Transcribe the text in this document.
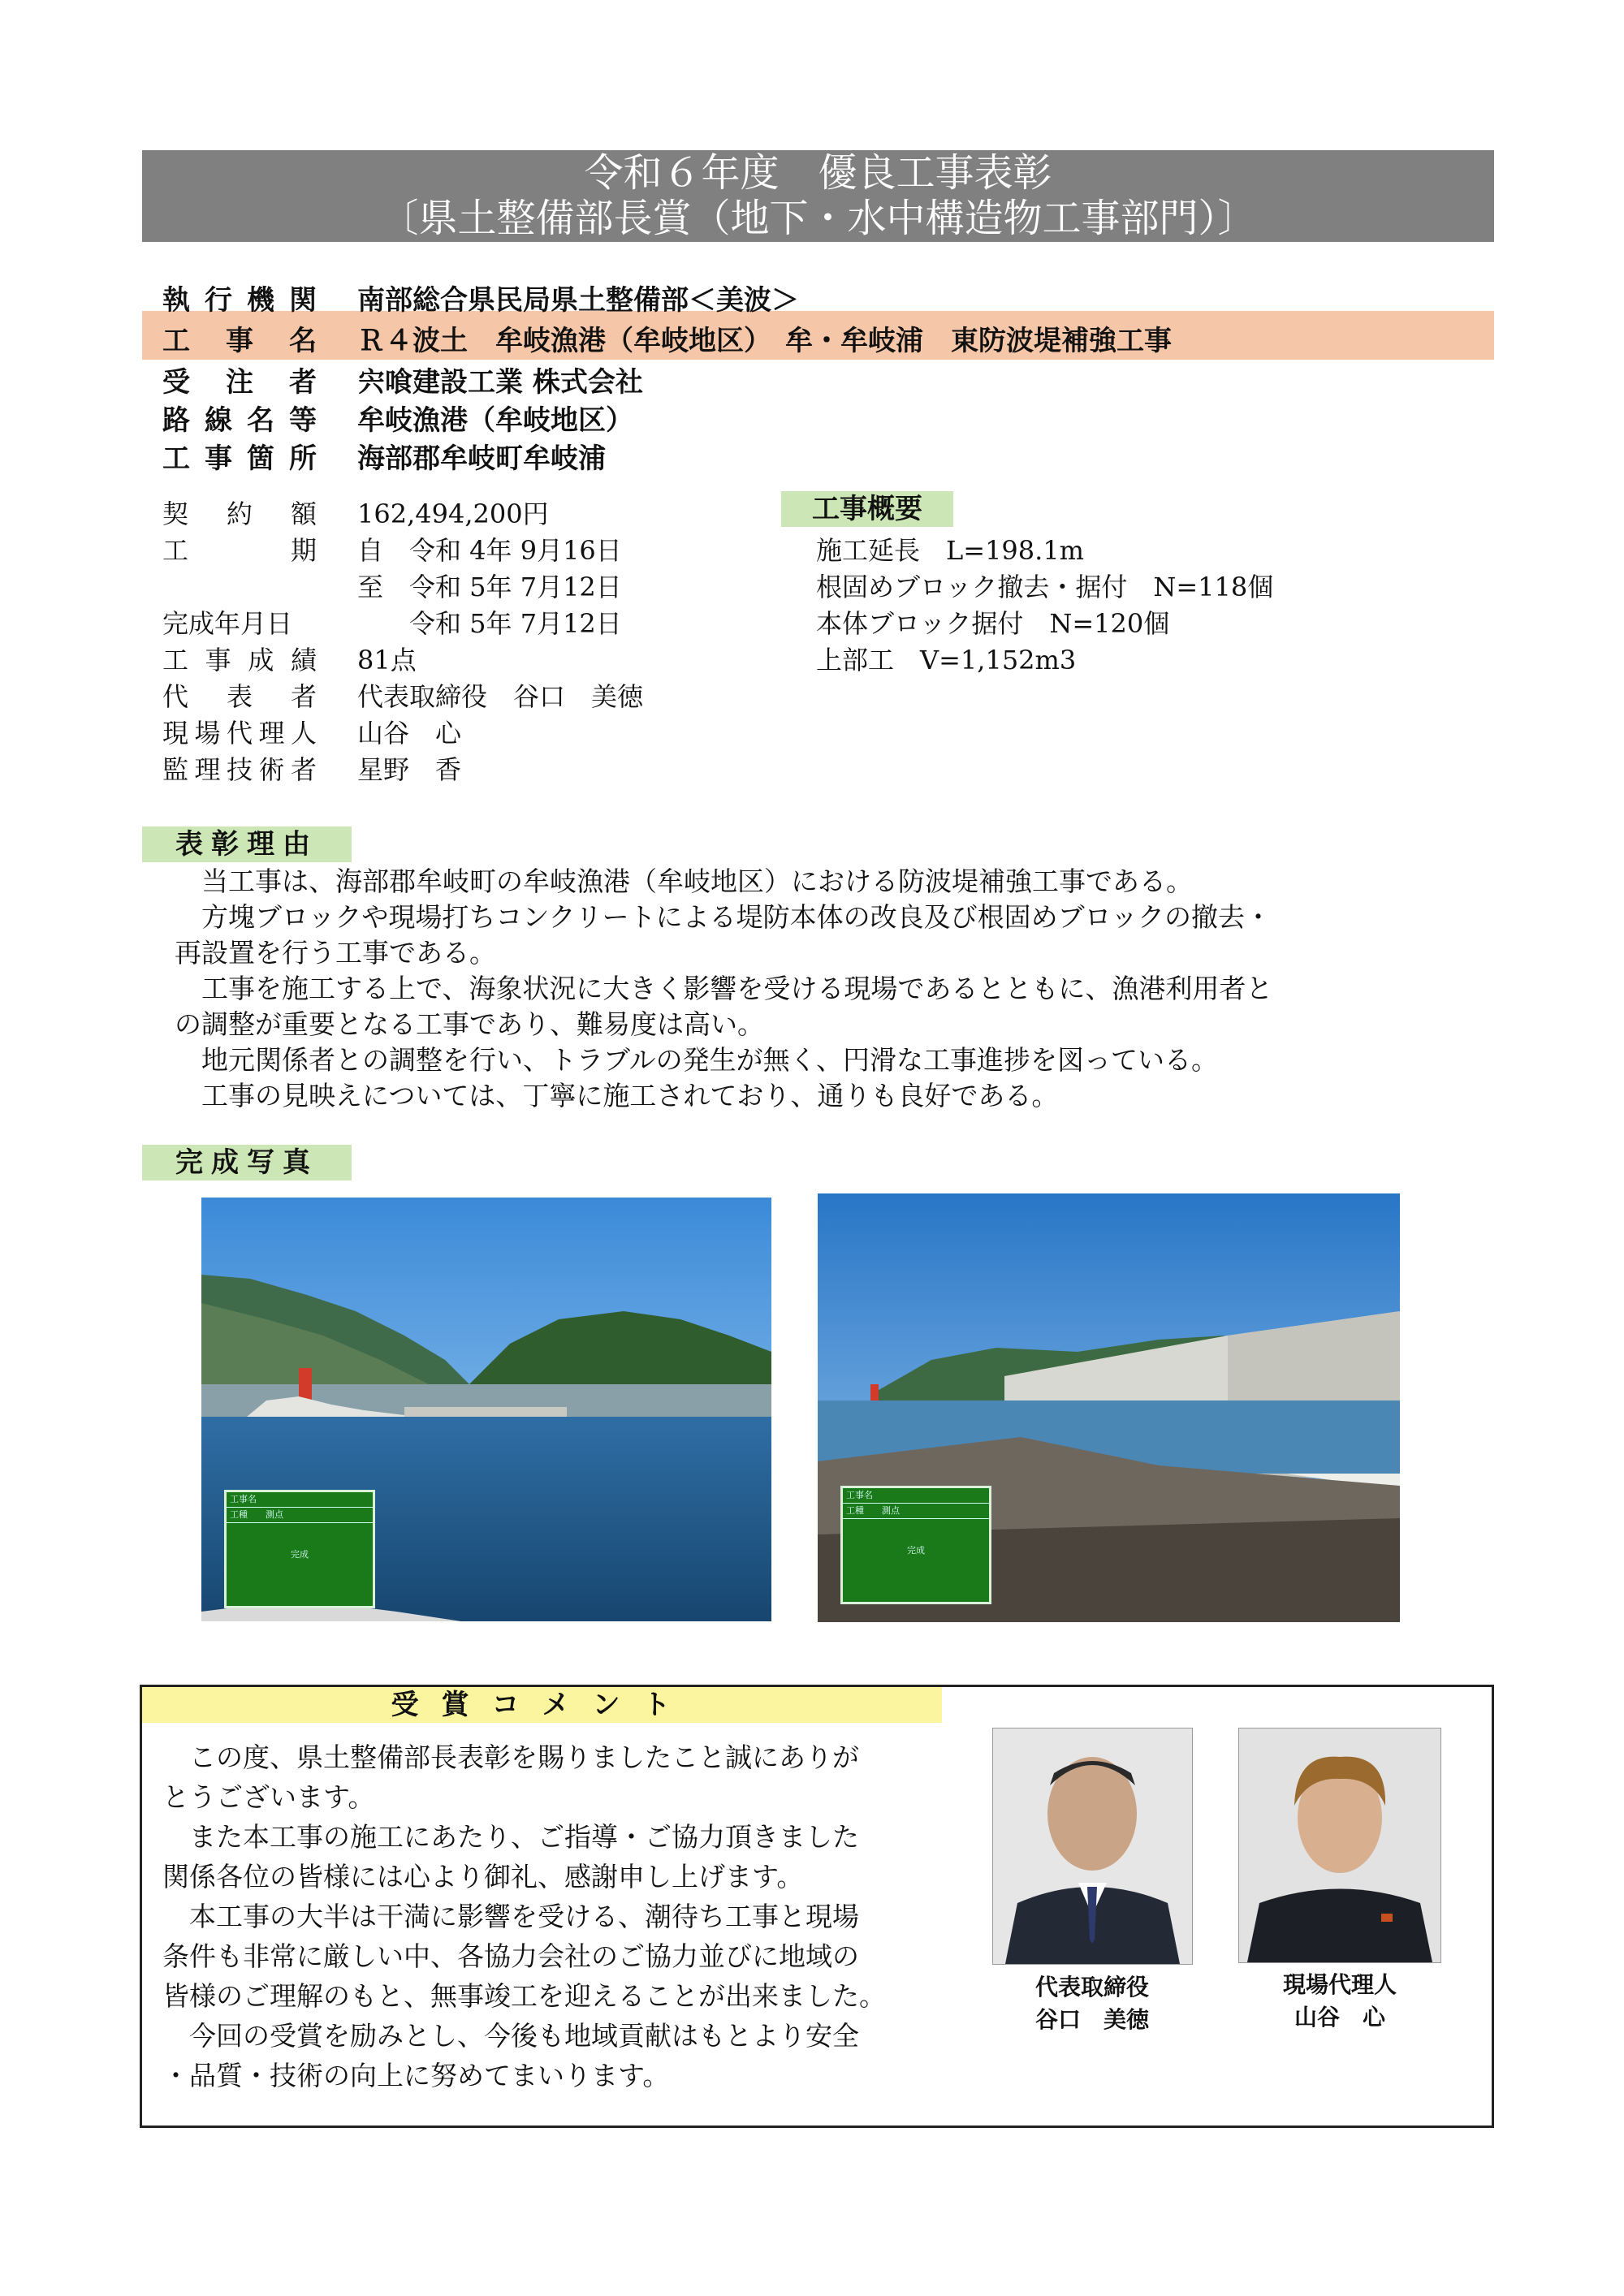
令和６年度　優良工事表彰
〔県土整備部長賞（地下・水中構造物工事部門）〕
執行機関 南部総合県民局県土整備部＜美波＞
工事名 Ｒ４波土　牟岐漁港（牟岐地区）　牟・牟岐浦　東防波堤補強工事
受注者 宍喰建設工業 株式会社
路線名等 牟岐漁港（牟岐地区）
工事箇所 海部郡牟岐町牟岐浦
契約額 162,494,200円
工期 自　令和 4年 9月16日
至　令和 5年 7月12日
完成年月日	　　令和 5年 7月12日
工事成績 81点
代表者 代表取締役　谷口　美徳
現場代理人 山谷　心
監理技術者 星野　香
工事概要
施工延長　L=198.1m
根固めブロック撤去・据付　N=118個
本体ブロック据付　N=120個
上部工　V=1,152m3
表彰理由

　当工事は、海部郡牟岐町の牟岐漁港（牟岐地区）における防波堤補強工事である。

　方塊ブロックや現場打ちコンクリートによる堤防本体の改良及び根固めブロックの撤去・

再設置を行う工事である。

　工事を施工する上で、海象状況に大きく影響を受ける現場であるとともに、漁港利用者と

の調整が重要となる工事であり、難易度は高い。

　地元関係者との調整を行い、トラブルの発生が無く、円滑な工事進捗を図っている。

　工事の見映えについては、丁寧に施工されており、通りも良好である。

完成写真
工事名
工種　　測点
完成
工事名
工種　　測点
完成
受賞コメント

　この度、県土整備部長表彰を賜りましたこと誠にありが

とうございます。

　また本工事の施工にあたり、ご指導・ご協力頂きました

関係各位の皆様には心より御礼、感謝申し上げます。

　本工事の大半は干満に影響を受ける、潮待ち工事と現場

条件も非常に厳しい中、各協力会社のご協力並びに地域の

皆様のご理解のもと、無事竣工を迎えることが出来ました。

　今回の受賞を励みとし、今後も地域貢献はもとより安全

・品質・技術の向上に努めてまいります。

代表取締役
谷口　美徳
現場代理人
山谷　心
